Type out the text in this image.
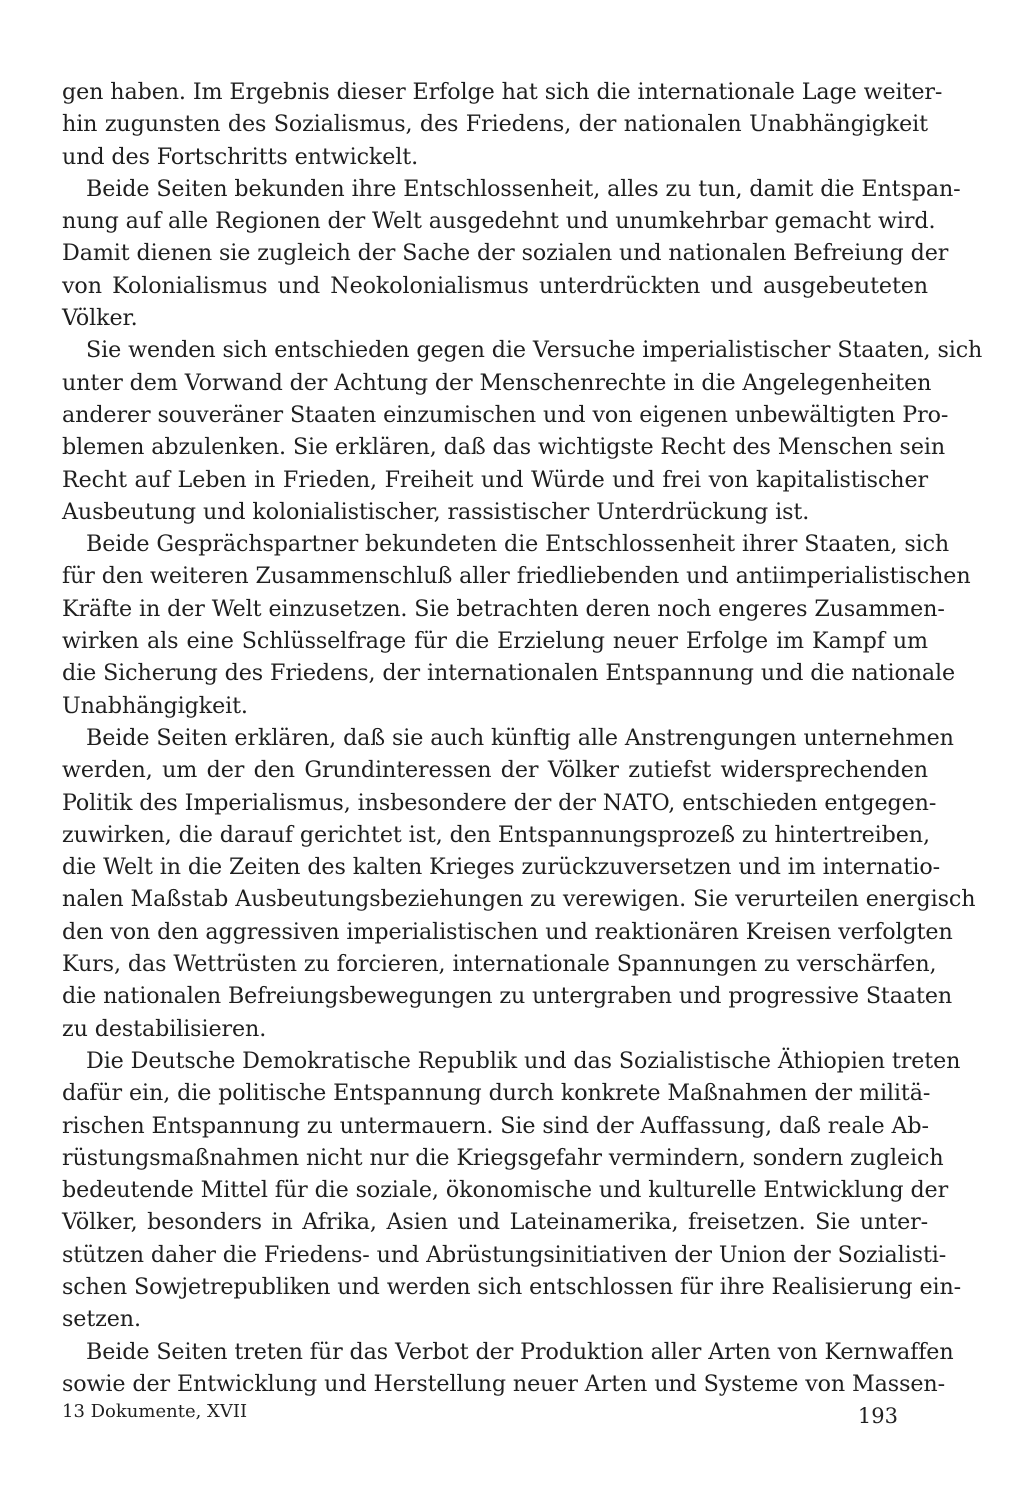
gen haben. Im Ergebnis dieser Erfolge hat sich die internationale Lage weiter-
hin zugunsten des Sozialismus, des Friedens, der nationalen Unabhängigkeit
und des Fortschritts entwickelt.

Beide Seiten bekunden ihre Entschlossenheit, alles zu tun, damit die Entspan-
nung auf alle Regionen der Welt ausgedehnt und unumkehrbar gemacht wird.
Damit dienen sie zugleich der Sache der sozialen und nationalen Befreiung der
von Kolonialismus und Neokolonialismus unterdrückten und ausgebeuteten
Völker.

Sie wenden sich entschieden gegen die Versuche imperialistischer Staaten, sich
unter dem Vorwand der Achtung der Menschenrechte in die Angelegenheiten
anderer souveräner Staaten einzumischen und von eigenen unbewältigten Pro-
blemen abzulenken. Sie erklären, daß das wichtigste Recht des Menschen sein
Recht auf Leben in Frieden, Freiheit und Würde und frei von kapitalistischer
Ausbeutung und kolonialistischer, rassistischer Unterdrückung ist.

Beide Gesprächspartner bekundeten die Entschlossenheit ihrer Staaten, sich
für den weiteren Zusammenschluß aller friedliebenden und antiimperialistischen
Kräfte in der Welt einzusetzen. Sie betrachten deren noch engeres Zusammen-
wirken als eine Schlüsselfrage für die Erzielung neuer Erfolge im Kampf um
die Sicherung des Friedens, der internationalen Entspannung und die nationale
Unabhängigkeit.

Beide Seiten erklären, daß sie auch künftig alle Anstrengungen unternehmen
werden, um der den Grundinteressen der Völker zutiefst widersprechenden
Politik des Imperialismus, insbesondere der der NATO, entschieden entgegen-
zuwirken, die darauf gerichtet ist, den Entspannungsprozeß zu hintertreiben,
die Welt in die Zeiten des kalten Krieges zurückzuversetzen und im internatio-
nalen Maßstab Ausbeutungsbeziehungen zu verewigen. Sie verurteilen energisch
den von den aggressiven imperialistischen und reaktionären Kreisen verfolgten
Kurs, das Wettrüsten zu forcieren, internationale Spannungen zu verschärfen,
die nationalen Befreiungsbewegungen zu untergraben und progressive Staaten
zu destabilisieren.

Die Deutsche Demokratische Republik und das Sozialistische Äthiopien treten
dafür ein, die politische Entspannung durch konkrete Maßnahmen der militä-
rischen Entspannung zu untermauern. Sie sind der Auffassung, daß reale Ab-
rüstungsmaßnahmen nicht nur die Kriegsgefahr vermindern, sondern zugleich
bedeutende Mittel für die soziale, ökonomische und kulturelle Entwicklung der
Völker, besonders in Afrika, Asien und Lateinamerika, freisetzen. Sie unter-
stützen daher die Friedens- und Abrüstungsinitiativen der Union der Sozialisti-
schen Sowjetrepubliken und werden sich entschlossen für ihre Realisierung ein-
setzen.

Beide Seiten treten für das Verbot der Produktion aller Arten von Kernwaffen
sowie der Entwicklung und Herstellung neuer Arten und Systeme von Massen-

13 Dokumente, XVII	193
